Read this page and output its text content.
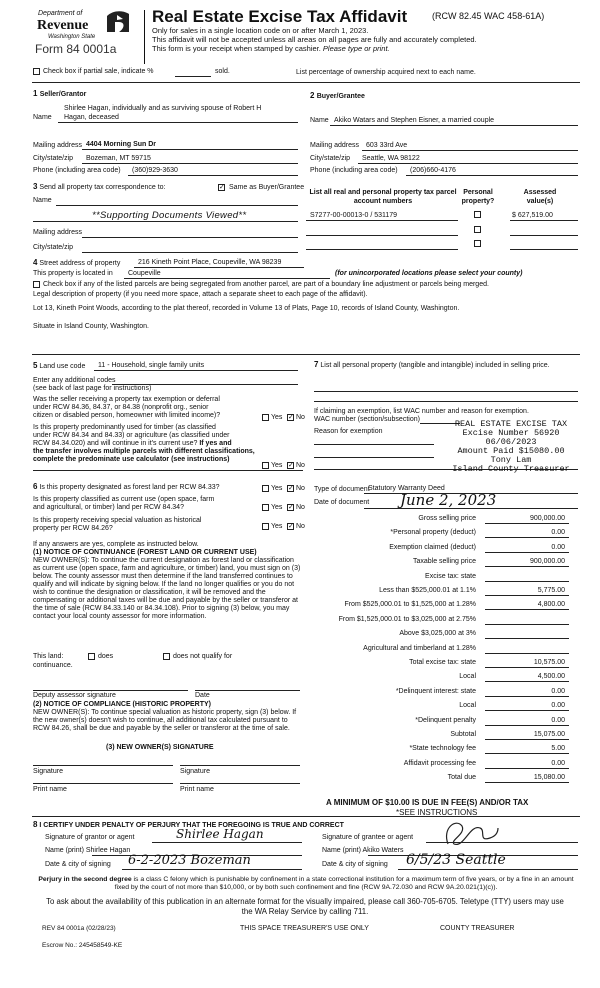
Department of
Revenue
Washington State
Form 84 0001a
Real Estate Excise Tax Affidavit	(RCW 82.45 WAC 458-61A)
Only for sales in a single location code on or after March 1, 2023.
This affidavit will not be accepted unless all areas on all pages are fully and accurately completed.
This form is your receipt when stamped by cashier. Please type or print.
Check box if partial sale, indicate %	sold.	List percentage of ownership acquired next to each name.
1 Seller/Grantor
Shirlee Hagan, individually and as surviving spouse of Robert H
Name Hagan, deceased
Mailing address 4404 Morning Sun Dr
City/state/zip Bozeman, MT 59715
Phone (including area code) (360)929-3630
2 Buyer/Grantee
Name Akiko Watars and Stephen Eisner, a married couple
Mailing address 603 33rd Ave
City/state/zip Seattle, WA 98122
Phone (including area code) (206)660-4176
3 Send all property tax correspondence to:	✓ Same as Buyer/Grantee
Name
**Supporting Documents Viewed**
Mailing address
City/state/zip
List all real and personal property tax parcel account numbers
Personal property?
Assessed value(s)
S7277-00-00013-0 / 531179	$ 627,519.00
4 Street address of property	216 Kineth Point Place, Coupeville, WA 98239
This property is located in Coupeville	(for unincorporated locations please select your county)
Check box if any of the listed parcels are being segregated from another parcel, are part of a boundary line adjustment or parcels being merged.
Legal description of property (if you need more space, attach a separate sheet to each page of the affidavit).
Lot 13, Kineth Point Woods, according to the plat thereof, recorded in Volume 13 of Plats, Page 10, records of Island County, Washington.
Situate in Island County, Washington.
5 Land use code 11 - Household, single family units
Enter any additional codes
(see back of last page for instructions)
Was the seller receiving a property tax exemption or deferral
under RCW 84.36, 84.37, or 84.38 (nonprofit org., senior
citizen or disabled person, homeowner with limited income)?	Yes ✓ No
Is this property predominantly used for timber (as classified
under RCW 84.34 and 84.33) or agriculture (as classified under
RCW 84.34.020) and will continue in it's current use? If yes and
the transfer involves multiple parcels with different classifications,
complete the predominate use calculator (see instructions)
Yes ✓ No
6 Is this property designated as forest land per RCW 84.33?	Yes ✓ No
Is this property classified as current use (open space, farm
and agricultural, or timber) land per RCW 84.34?	Yes ✓ No
Is this property receiving special valuation as historical
property per RCW 84.26?	Yes ✓ No
If any answers are yes, complete as instructed below.
(1) NOTICE OF CONTINUANCE (FOREST LAND OR CURRENT USE)
NEW OWNER(S): To continue the current designation as forest land or classification as current use (open space, farm and agriculture, or timber) land, you must sign on (3) below. The county assessor must then determine if the land transferred continues to qualify and will indicate by signing below. If the land no longer qualifies or you do not wish to continue the designation or classification, it will be removed and the compensating or additional taxes will be due and payable by the seller or transferor at the time of sale (RCW 84.33.140 or 84.34.108). Prior to signing (3) below, you may contact your local county assessor for more information.
This land:	does	does not qualify for
continuance.
Deputy assessor signature	Date
(2) NOTICE OF COMPLIANCE (HISTORIC PROPERTY)
NEW OWNER(S): To continue special valuation as historic property, sign (3) below. If the new owner(s) doesn't wish to continue, all additional tax calculated pursuant to RCW 84.26, shall be due and payable by the seller or transferor at the time of sale.
(3) NEW OWNER(S) SIGNATURE
Signature	Signature
Print name	Print name
7 List all personal property (tangible and intangible) included in selling price.
If claiming an exemption, list WAC number and reason for exemption.
WAC number (section/subsection)
Reason for exemption
REAL ESTATE EXCISE TAX
Excise Number 56920
06/06/2023
Amount Paid $15080.00
Tony Lam
Island County Treasurer
Type of document
Statutory Warranty Deed
Date of document June 2, 2023
Gross selling price	900,000.00
*Personal property (deduct)	0.00
Exemption claimed (deduct)	0.00
Taxable selling price	900,000.00
Excise tax: state
Less than $525,000.01 at 1.1%	5,775.00
From $525,000.01 to $1,525,000 at 1.28%	4,800.00
From $1,525,000.01 to $3,025,000 at 2.75%
Above $3,025,000 at 3%
Agricultural and timberland at 1.28%
Total excise tax: state	10,575.00
Local	4,500.00
*Delinquent interest: state	0.00
Local	0.00
*Delinquent penalty	0.00
Subtotal	15,075.00
*State technology fee	5.00
Affidavit processing fee	0.00
Total due	15,080.00
A MINIMUM OF $10.00 IS DUE IN FEE(S) AND/OR TAX
*SEE INSTRUCTIONS
8 I CERTIFY UNDER PENALTY OF PERJURY THAT THE FOREGOING IS TRUE AND CORRECT
Signature of grantor or agent	Shirlee Hagan
Name (print) Shirlee Hagan
Date & city of signing 6-2-2023 Bozeman
Signature of grantee or agent
Name (print) Akiko Waters
Date & city of signing 6/5/23 Seattle
Perjury in the second degree is a class C felony which is punishable by confinement in a state correctional institution for a maximum term of five years, or by a fine in an amount fixed by the court of not more than $10,000, or by both such confinement and fine (RCW 9A.72.030 and RCW 9A.20.021(1)(c)).
To ask about the availability of this publication in an alternate format for the visually impaired, please call 360-705-6705. Teletype (TTY) users may use the WA Relay Service by calling 711.
REV 84 0001a (02/28/23)	THIS SPACE TREASURER'S USE ONLY	COUNTY TREASURER
Escrow No.: 245458549-KE
